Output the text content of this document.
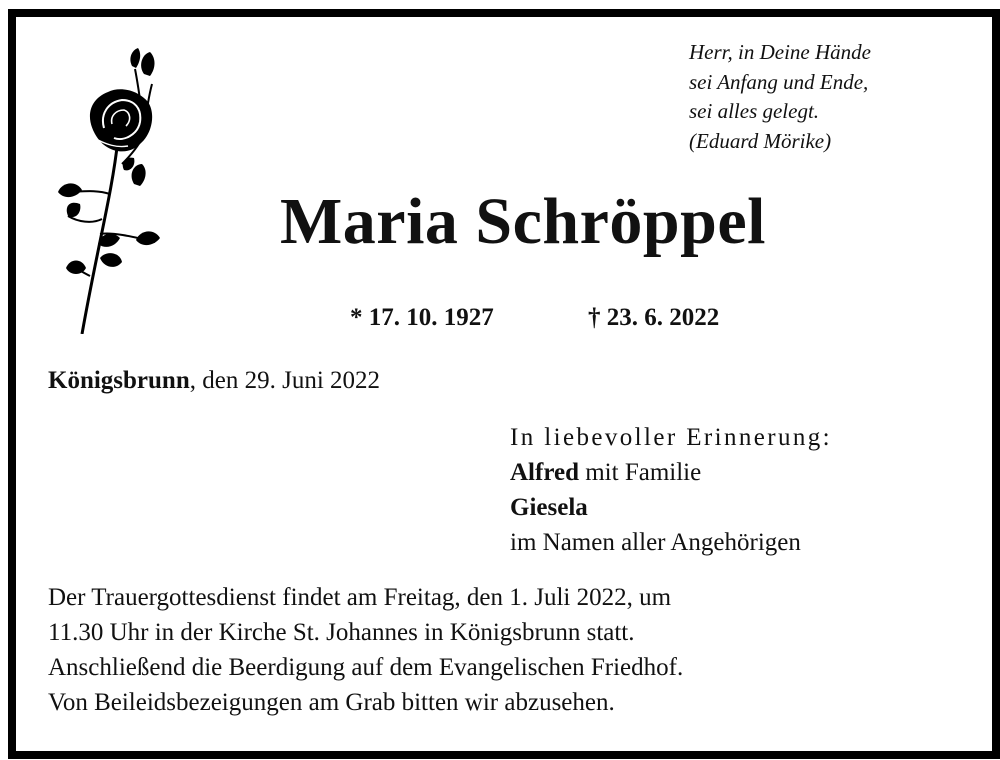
Herr, in Deine Hände
sei Anfang und Ende,
sei alles gelegt.
(Eduard Mörike)
Maria Schröppel
* 17. 10. 1927	† 23. 6. 2022
Königsbrunn, den 29. Juni 2022
In liebevoller Erinnerung:
Alfred mit Familie
Giesela
im Namen aller Angehörigen
Der Trauergottesdienst findet am Freitag, den 1. Juli 2022, um
11.30 Uhr in der Kirche St. Johannes in Königsbrunn statt.
Anschließend die Beerdigung auf dem Evangelischen Friedhof.
Von Beileidsbezeigungen am Grab bitten wir abzusehen.
